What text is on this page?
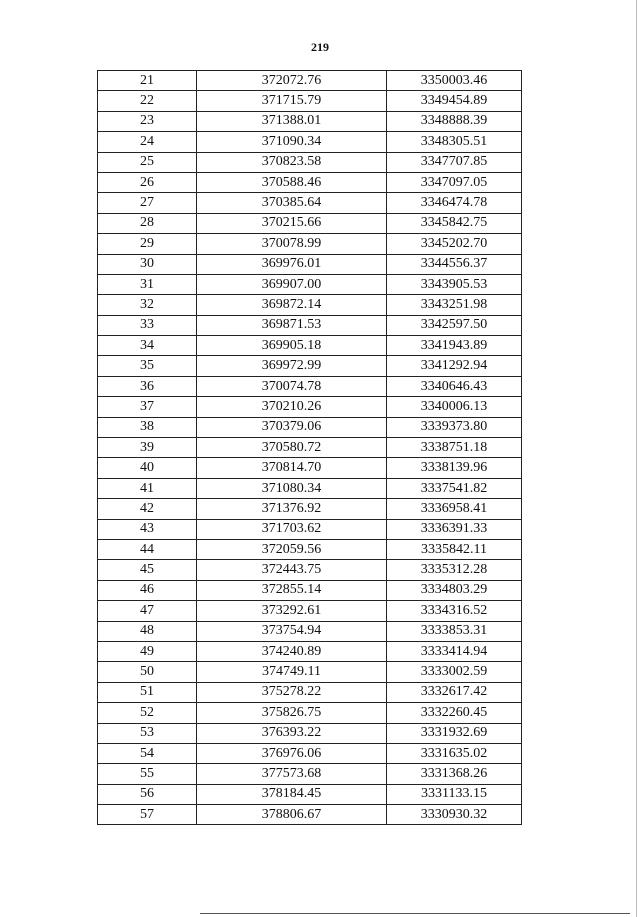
219
21	372072.76	3350003.46
22	371715.79	3349454.89
23	371388.01	3348888.39
24	371090.34	3348305.51
25	370823.58	3347707.85
26	370588.46	3347097.05
27	370385.64	3346474.78
28	370215.66	3345842.75
29	370078.99	3345202.70
30	369976.01	3344556.37
31	369907.00	3343905.53
32	369872.14	3343251.98
33	369871.53	3342597.50
34	369905.18	3341943.89
35	369972.99	3341292.94
36	370074.78	3340646.43
37	370210.26	3340006.13
38	370379.06	3339373.80
39	370580.72	3338751.18
40	370814.70	3338139.96
41	371080.34	3337541.82
42	371376.92	3336958.41
43	371703.62	3336391.33
44	372059.56	3335842.11
45	372443.75	3335312.28
46	372855.14	3334803.29
47	373292.61	3334316.52
48	373754.94	3333853.31
49	374240.89	3333414.94
50	374749.11	3333002.59
51	375278.22	3332617.42
52	375826.75	3332260.45
53	376393.22	3331932.69
54	376976.06	3331635.02
55	377573.68	3331368.26
56	378184.45	3331133.15
57	378806.67	3330930.32
